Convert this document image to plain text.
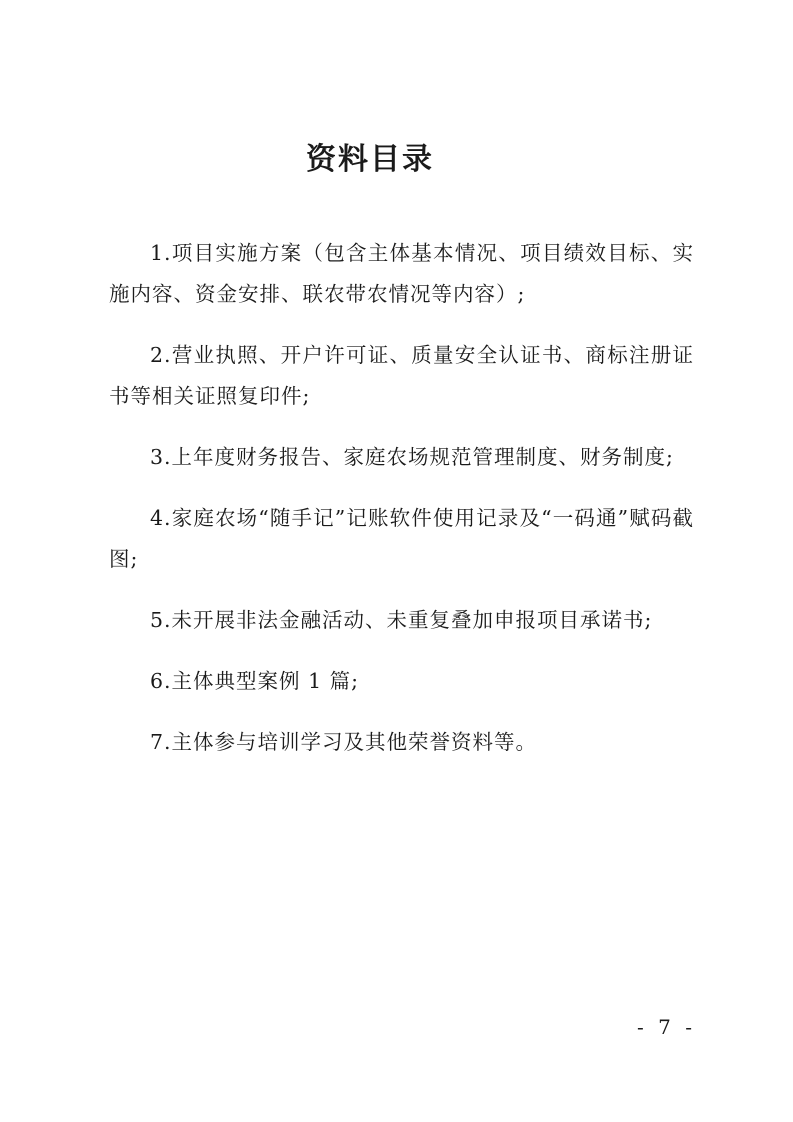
资料目录

1.项目实施方案（包含主体基本情况、项目绩效目标、实施内容、资金安排、联农带农情况等内容）;

2.营业执照、开户许可证、质量安全认证书、商标注册证书等相关证照复印件;

3.上年度财务报告、家庭农场规范管理制度、财务制度;

4.家庭农场“随手记”记账软件使用记录及“一码通”赋码截图;

5.未开展非法金融活动、未重复叠加申报项目承诺书;

6.主体典型案例 1 篇;

7.主体参与培训学习及其他荣誉资料等。

- 7 -
